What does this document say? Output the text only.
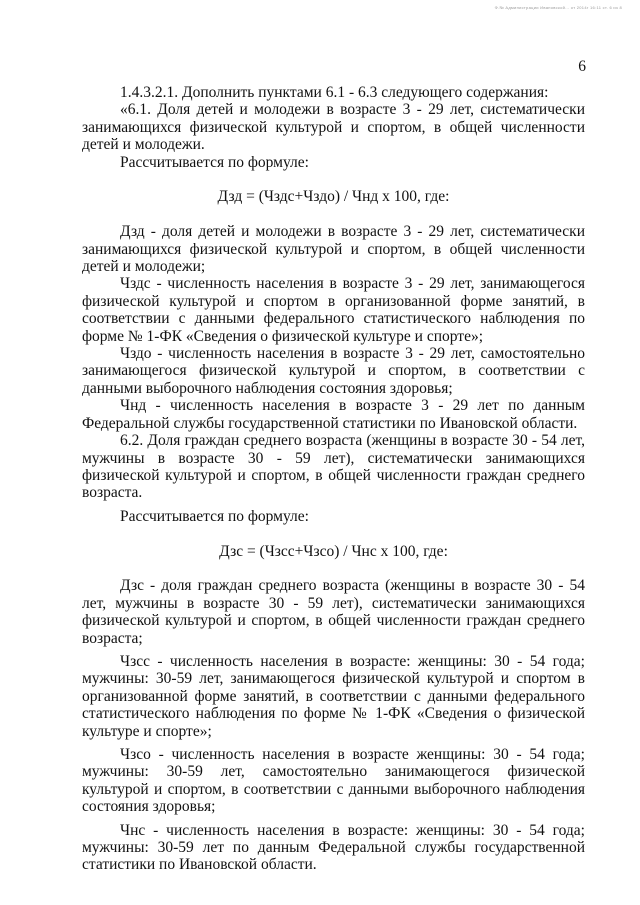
Ф.№ Администрации Ивановской... от 2014г 16:11 ст. 6 из 8
6

1.4.3.2.1. Дополнить пунктами 6.1 - 6.3 следующего содержания:

«6.1. Доля детей и молодежи в возрасте 3 - 29 лет, систематически занимающихся физической культурой и спортом, в общей численности детей и молодежи.

Рассчитывается по формуле:

Дзд = (Чздс+Чздо) / Чнд х 100, где:

Дзд - доля детей и молодежи в возрасте 3 - 29 лет, систематически занимающихся физической культурой и спортом, в общей численности детей и молодежи;

Чздс - численность населения в возрасте 3 - 29 лет, занимающегося физической культурой и спортом в организованной форме занятий, в соответствии с данными федерального статистического наблюдения по форме № 1-ФК «Сведения о физической культуре и спорте»;

Чздо - численность населения в возрасте 3 - 29 лет, самостоятельно занимающегося физической культурой и спортом, в соответствии с данными выборочного наблюдения состояния здоровья;

Чнд - численность населения в возрасте 3 - 29 лет по данным Федеральной службы государственной статистики по Ивановской области.

6.2. Доля граждан среднего возраста (женщины в возрасте 30 - 54 лет, мужчины в возрасте 30 - 59 лет), систематически занимающихся физической культурой и спортом, в общей численности граждан среднего возраста.

Рассчитывается по формуле:

Дзс = (Чзсс+Чзсо) / Чнс х 100, где:

Дзс - доля граждан среднего возраста (женщины в возрасте 30 - 54 лет, мужчины в возрасте 30 - 59 лет), систематически занимающихся физической культурой и спортом, в общей численности граждан среднего возраста;

Чзсс - численность населения в возрасте: женщины: 30 - 54 года; мужчины: 30-59 лет, занимающегося физической культурой и спортом в организованной форме занятий, в соответствии с данными федерального статистического наблюдения по форме № 1-ФК «Сведения о физической культуре и спорте»;

Чзсо - численность населения в возрасте женщины: 30 - 54 года; мужчины: 30-59 лет, самостоятельно занимающегося физической культурой и спортом, в соответствии с данными выборочного наблюдения состояния здоровья;

Чнс - численность населения в возрасте: женщины: 30 - 54 года; мужчины: 30-59 лет по данным Федеральной службы государственной статистики по Ивановской области.
